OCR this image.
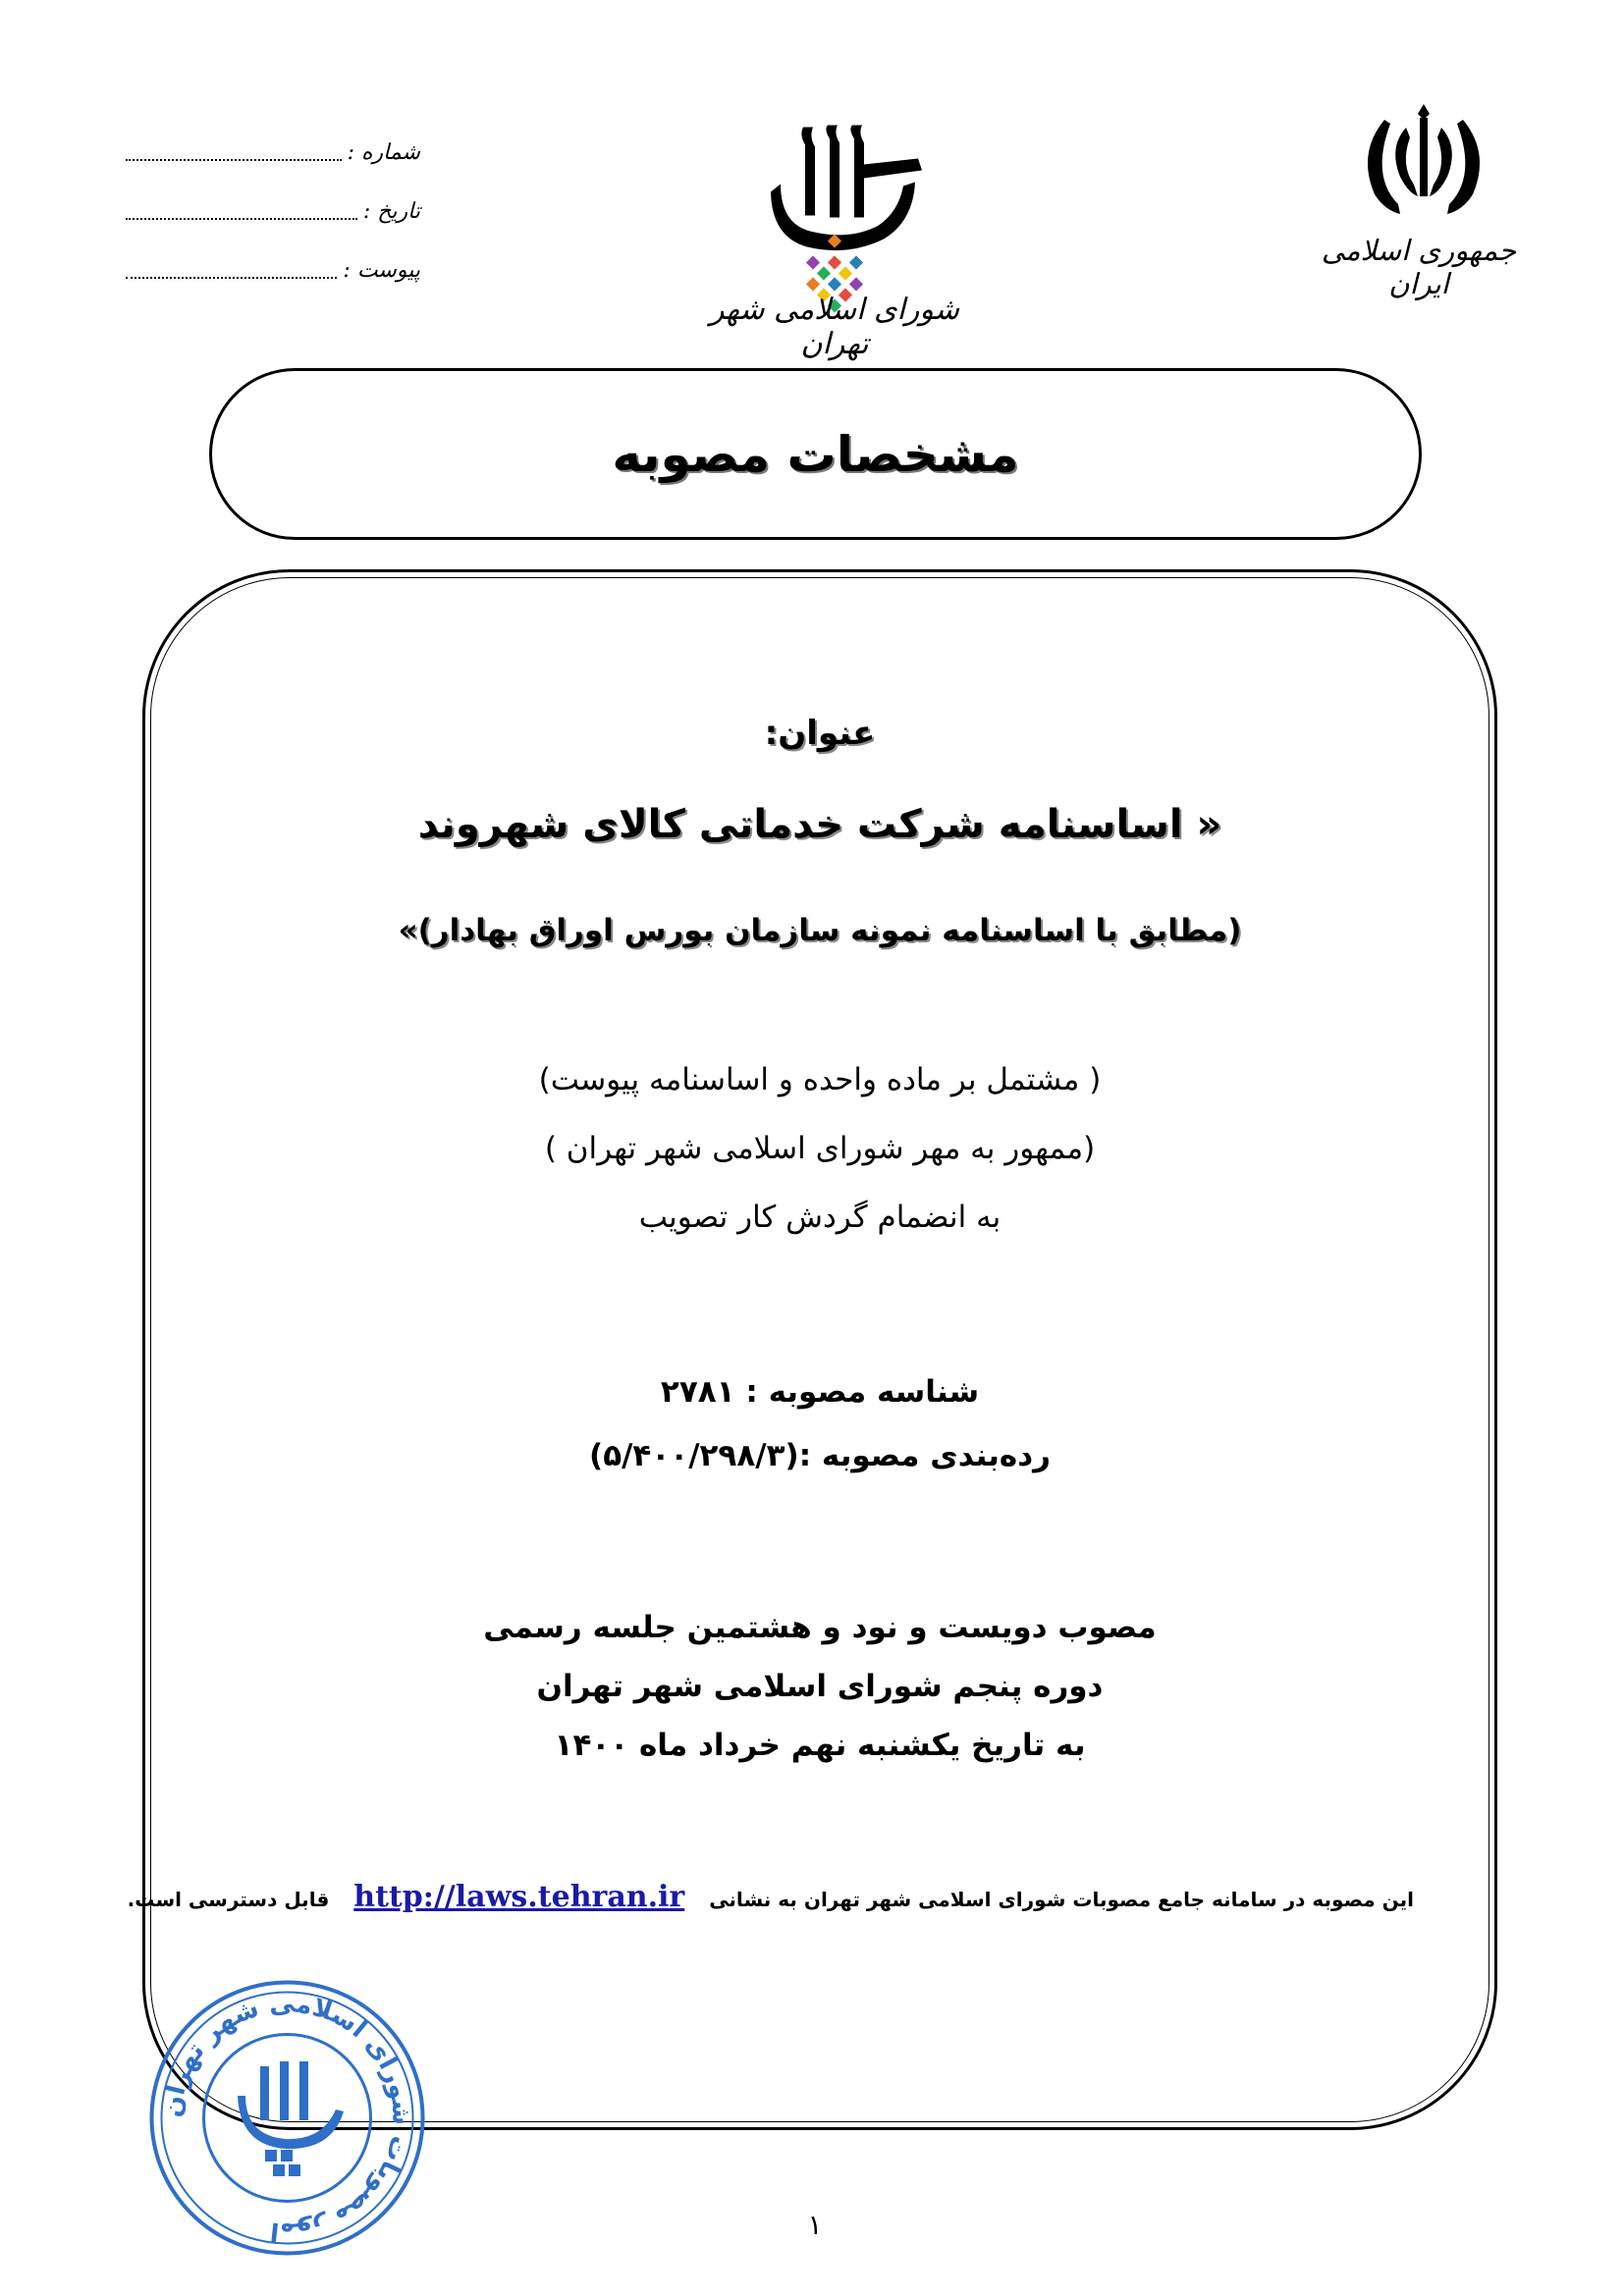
شماره :
تاریخ :
پیوست :
شورای اسلامی شهر تهران
جمهوری اسلامی ایران
مشخصات مصوبه
عنوان:
« اساسنامه شرکت خدماتی کالای شهروند
(مطابق با اساسنامه نمونه سازمان بورس اوراق بهادار)»
( مشتمل بر ماده واحده و اساسنامه پیوست)
(ممهور به مهر شورای اسلامی شهر تهران )
به انضمام گردش کار تصویب
شناسه مصوبه : ۲۷۸۱
رده‌بندی مصوبه :(۵/۴۰۰/۲۹۸/۳)
مصوب دویست و نود و هشتمین جلسه رسمی
دوره پنجم شورای اسلامی شهر تهران
به تاریخ یکشنبه نهم خرداد ماه ۱۴۰۰
این مصوبه در سامانه جامع مصوبات شورای اسلامی شهر تهران به نشانی http://laws.tehran.ir قابل دسترسی است.
امور مصوبات شورای اسلامی شهر تهران	۱
